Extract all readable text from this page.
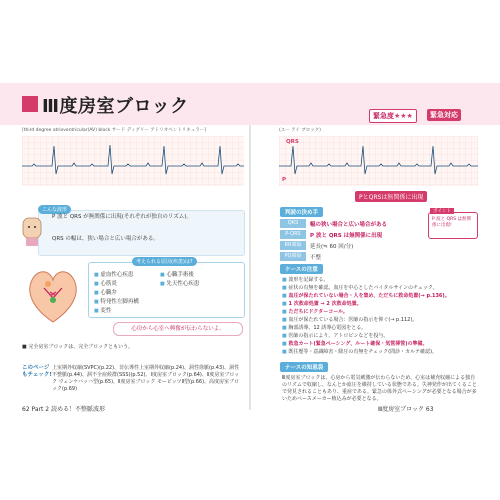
Ⅲ度房室ブロック	緊急度★★★	緊急対応
[third degree atrioventricular(AV) block サード ディグリー アトリオベントリキュラー]	(ユー アイ ブロック)
QRS
P
PとQRSは無関係に出現
こんな波形
P 波と QRS が無関係に出現(それぞれが独自のリズム)。
QRS の幅は、狭い場合と広い場合がある。
考えられる原因(疾患)は?
■ 虚血性心疾患
■ 心筋炎
■ 心臓弁
■ 特発性左脚再構
■ 変性
■ 心臓手術後
■ 先天性心疾患
心房から心室へ興奮が伝わらないよ。
■ 完全房室ブロックは、完全ブロックともいう。
このページもチェック!
上室期外収縮(SVPC)(p.22)、非伝導性上室期外収縮(p.24)、洞性徐脈(p.43)、洞性不整脈(p.44)、洞不全症候群(SSS)(p.52)、Ⅰ度房室ブロック(p.64)、Ⅱ度房室ブロック ウェンケバッハ型(p.65)、Ⅱ度房室ブロック モービッツⅡ型(p.66)、高度房室ブロック(p.69)
62 Part 2 読める！不整脈波形	Ⅲ度房室ブロック 63
判読の決め手
QRS	幅の狭い場合と広い場合がある
P-QRS	P 波と QRS は無関係に出現
RR間隔	延長(≒ 60 回/分)
PQ間隔	不整
ポイント
P 波と QRS は無関係に出現!
ケースの注意
■ 波形を記録する。
■ 症状の有無を確認。血圧を中心としたバイタルサインのチェック。
■ 血圧が保たれていない場合・人を集め、ただちに救命処置(→ p.136)。
■ 1 次救命処置 → 2 次救命処置。
■ ただちにドクターコール。
■ 血圧が保たれている場合：医師の指示を仰ぐ(→ p.112)。
■ 胸部誘導、12 誘導心電図をとる。
■ 医師の指示により、アトロピンなどを投与。
■ 救急カート(緊急ペーシング、ルート確保・気管挿管)の準備。
■ 既往歴等・意識障害・除圧の有無をチェック(問診・カルテ確認)。
ナースの知恵袋
Ⅲ度房室ブロックは、心房から電気刺激が伝わらないため、心室は補充収縮による独自のリズムで収縮し、なんとか血圧を維持している状態である。失神発作が出てくることで発見されることもあり、重症である。緊急の体外式ペーシングが必要となる場合が多いためペースメーカー植込みが必要となる。
